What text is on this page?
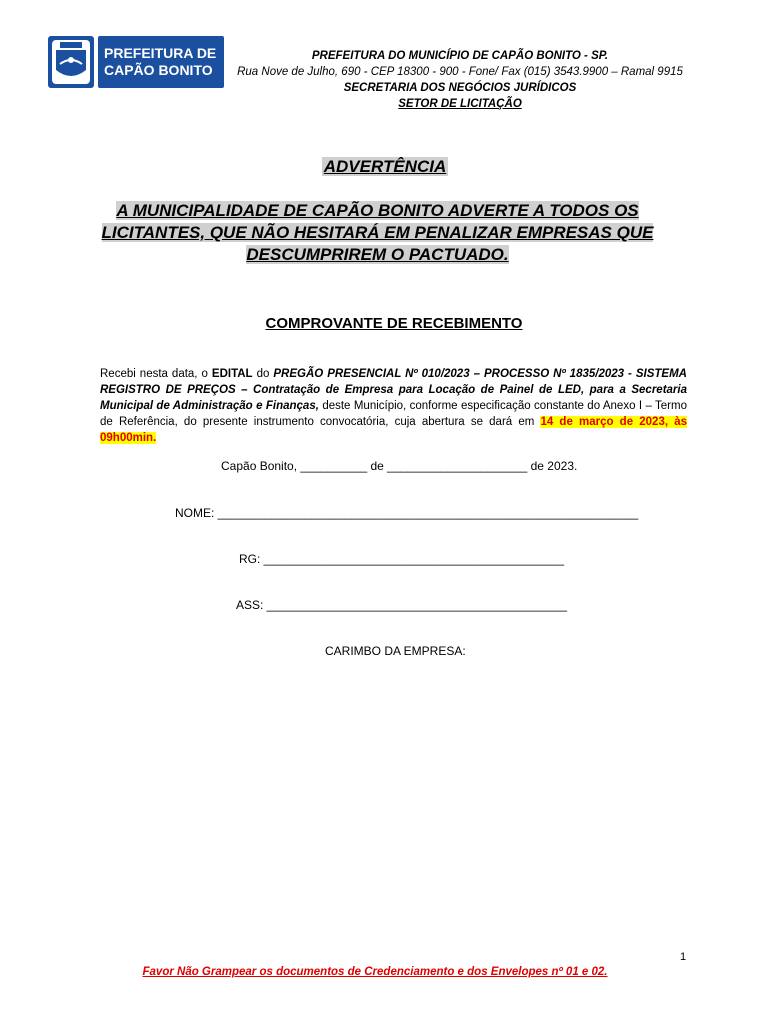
PREFEITURA DE
CAPÃO BONITO
PREFEITURA DO MUNICÍPIO DE CAPÃO BONITO - SP.
Rua Nove de Julho, 690 - CEP 18300 - 900 - Fone/ Fax (015) 3543.9900 – Ramal 9915
SECRETARIA DOS NEGÓCIOS JURÍDICOS
SETOR DE LICITAÇÃO
ADVERTÊNCIA
A MUNICIPALIDADE DE CAPÃO BONITO ADVERTE A TODOS OS
LICITANTES, QUE NÃO HESITARÁ EM PENALIZAR EMPRESAS QUE
DESCUMPRIREM O PACTUADO.
COMPROVANTE DE RECEBIMENTO
Recebi nesta data, o EDITAL do PREGÃO PRESENCIAL Nº 010/2023 – PROCESSO Nº 1835/2023 - SISTEMA REGISTRO DE PREÇOS – Contratação de Empresa para Locação de Painel de LED, para a Secretaria Municipal de Administração e Finanças, deste Município, conforme especificação constante do Anexo I – Termo de Referência, do presente instrumento convocatória, cuja abertura se dará em 14 de março de 2023, às 09h00min.
Capão Bonito, __________ de _____________________ de 2023.
NOME: _______________________________________________________________
RG: _____________________________________________
ASS: _____________________________________________
CARIMBO DA EMPRESA:
1
Favor Não Grampear os documentos de Credenciamento e dos Envelopes nº 01 e 02.
